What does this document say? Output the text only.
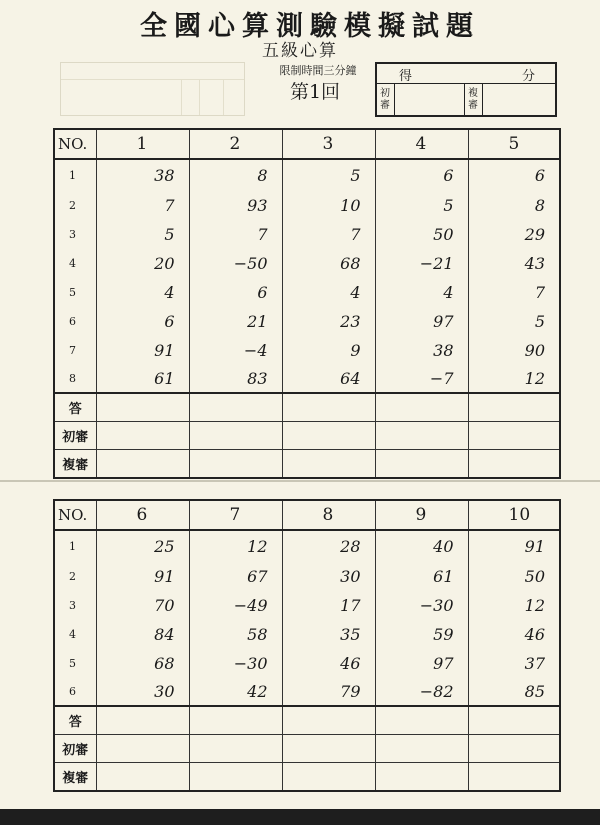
全國心算測驗模擬試題
五級心算
限制時間三分鐘
第1回
得	分
初審
複審
NO.	1	2	3	4	5
1	38	8	5	6	6
2	7	93	10	5	8
3	5	7	7	50	29
4	20	−50	68	−21	43
5	4	6	4	4	7
6	6	21	23	97	5
7	91	−4	9	38	90
8	61	83	64	−7	12
答					
初審					
複審					
NO.	6	7	8	9	10
1	25	12	28	40	91
2	91	67	30	61	50
3	70	−49	17	−30	12
4	84	58	35	59	46
5	68	−30	46	97	37
6	30	42	79	−82	85
答					
初審					
複審					
